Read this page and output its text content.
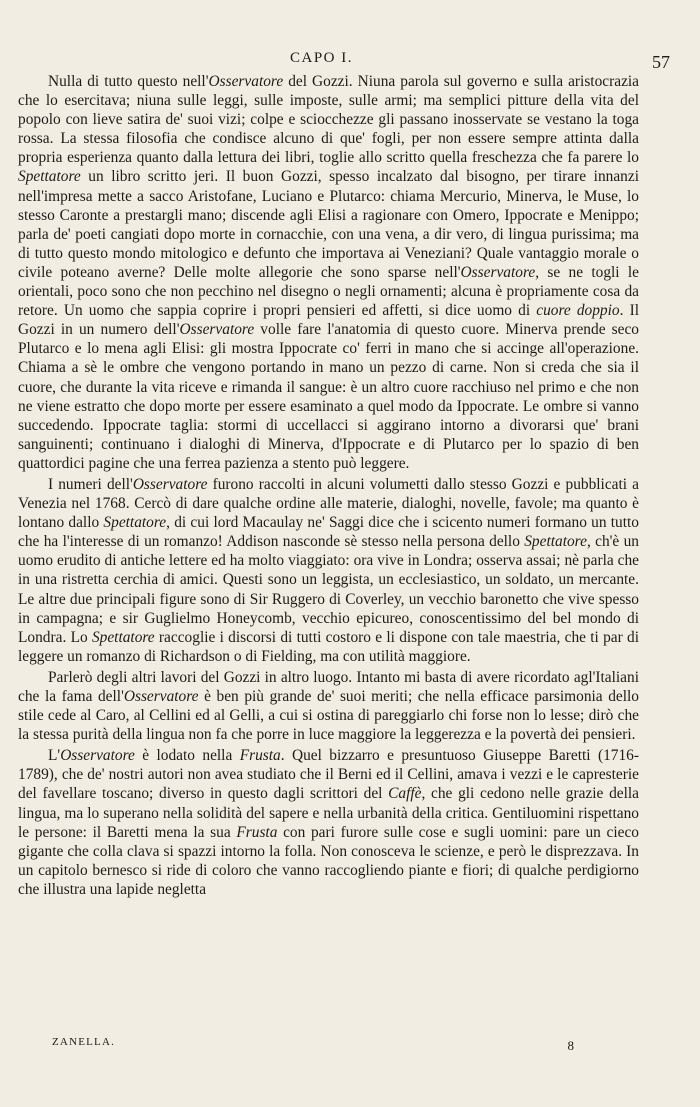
CAPO I.	57

Nulla di tutto questo nell'Osservatore del Gozzi. Niuna parola sul governo e sulla aristocrazia che lo esercitava; niuna sulle leggi, sulle imposte, sulle armi; ma semplici pitture della vita del popolo con lieve satira de' suoi vizi; colpe e sciocchezze gli passano inosservate se vestano la toga rossa. La stessa filosofia che condisce alcuno di que' fogli, per non essere sempre attinta dalla propria esperienza quanto dalla lettura dei libri, toglie allo scritto quella freschezza che fa parere lo Spettatore un libro scritto jeri. Il buon Gozzi, spesso incalzato dal bisogno, per tirare innanzi nell'impresa mette a sacco Aristofane, Luciano e Plutarco: chiama Mercurio, Minerva, le Muse, lo stesso Caronte a prestargli mano; discende agli Elisi a ragionare con Omero, Ippocrate e Menippo; parla de' poeti cangiati dopo morte in cornacchie, con una vena, a dir vero, di lingua purissima; ma di tutto questo mondo mitologico e defunto che importava ai Veneziani? Quale vantaggio morale o civile poteano averne? Delle molte allegorie che sono sparse nell'Osservatore, se ne togli le orientali, poco sono che non pecchino nel disegno o negli ornamenti; alcuna è propriamente cosa da retore. Un uomo che sappia coprire i propri pensieri ed affetti, si dice uomo di cuore doppio. Il Gozzi in un numero dell'Osservatore volle fare l'anatomia di questo cuore. Minerva prende seco Plutarco e lo mena agli Elisi: gli mostra Ippocrate co' ferri in mano che si accinge all'operazione. Chiama a sè le ombre che vengono portando in mano un pezzo di carne. Non si creda che sia il cuore, che durante la vita riceve e rimanda il sangue: è un altro cuore racchiuso nel primo e che non ne viene estratto che dopo morte per essere esaminato a quel modo da Ippocrate. Le ombre si vanno succedendo. Ippocrate taglia: stormi di uccellacci si aggirano intorno a divorarsi que' brani sanguinenti; continuano i dialoghi di Minerva, d'Ippocrate e di Plutarco per lo spazio di ben quattordici pagine che una ferrea pazienza a stento può leggere.

I numeri dell'Osservatore furono raccolti in alcuni volumetti dallo stesso Gozzi e pubblicati a Venezia nel 1768. Cercò di dare qualche ordine alle materie, dialoghi, novelle, favole; ma quanto è lontano dallo Spettatore, di cui lord Macaulay ne' Saggi dice che i scicento numeri formano un tutto che ha l'interesse di un romanzo! Addison nasconde sè stesso nella persona dello Spettatore, ch'è un uomo erudito di antiche lettere ed ha molto viaggiato: ora vive in Londra; osserva assai; nè parla che in una ristretta cerchia di amici. Questi sono un leggista, un ecclesiastico, un soldato, un mercante. Le altre due principali figure sono di Sir Ruggero di Coverley, un vecchio baronetto che vive spesso in campagna; e sir Guglielmo Honeycomb, vecchio epicureo, conoscentissimo del bel mondo di Londra. Lo Spettatore raccoglie i discorsi di tutti costoro e li dispone con tale maestria, che ti par di leggere un romanzo di Richardson o di Fielding, ma con utilità maggiore.

Parlerò degli altri lavori del Gozzi in altro luogo. Intanto mi basta di avere ricordato agl'Italiani che la fama dell'Osservatore è ben più grande de' suoi meriti; che nella efficace parsimonia dello stile cede al Caro, al Cellini ed al Gelli, a cui si ostina di pareggiarlo chi forse non lo lesse; dirò che la stessa purità della lingua non fa che porre in luce maggiore la leggerezza e la povertà dei pensieri.

L'Osservatore è lodato nella Frusta. Quel bizzarro e presuntuoso Giuseppe Baretti (1716-1789), che de' nostri autori non avea studiato che il Berni ed il Cellini, amava i vezzi e le capresterie del favellare toscano; diverso in questo dagli scrittori del Caffè, che gli cedono nelle grazie della lingua, ma lo superano nella solidità del sapere e nella urbanità della critica. Gentiluomini rispettano le persone: il Baretti mena la sua Frusta con pari furore sulle cose e sugli uomini: pare un cieco gigante che colla clava si spazzi intorno la folla. Non conosceva le scienze, e però le disprezzava. In un capitolo bernesco si ride di coloro che vanno raccogliendo piante e fiori; di qualche perdigiorno che illustra una lapide negletta

ZANELLA.	8
